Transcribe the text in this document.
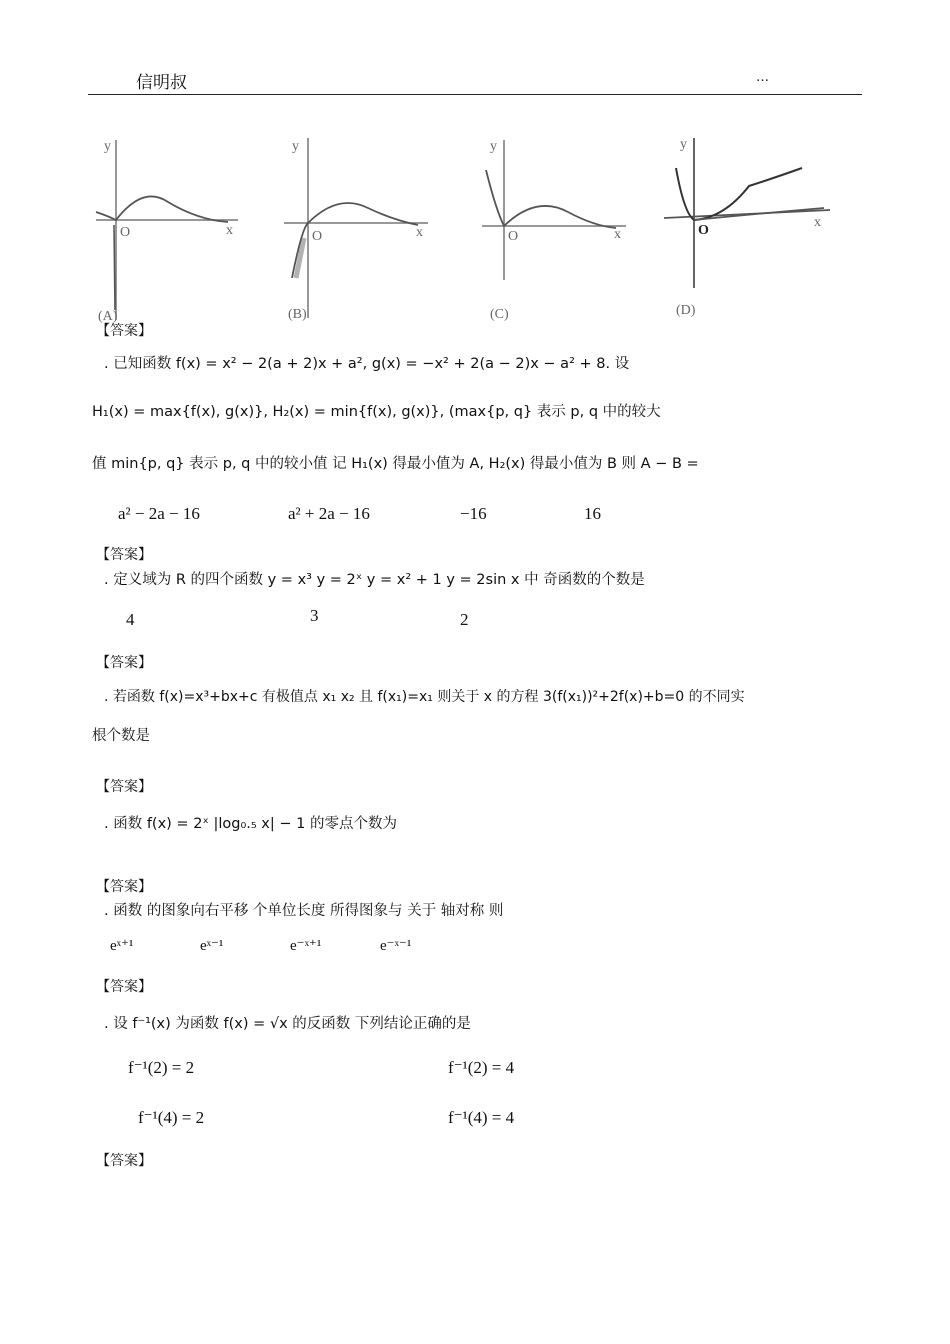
信明叔	…
y
O	x
(A)
y
O	x
(B)
y
O	x
(C)
y
O
x
(D)
【答案】
. 已知函数 f(x) = x² − 2(a + 2)x + a², g(x) = −x² + 2(a − 2)x − a² + 8. 设
H₁(x) = max{f(x), g(x)}, H₂(x) = min{f(x), g(x)}, (max{p, q} 表示 p, q 中的较大
值 min{p, q} 表示 p, q 中的较小值 记 H₁(x) 得最小值为 A, H₂(x) 得最小值为 B 则 A − B =
a² − 2a − 16	a² + 2a − 16	−16	16
【答案】
. 定义域为 R 的四个函数 y = x³ y = 2ˣ y = x² + 1 y = 2sin x 中 奇函数的个数是
4	3	2
【答案】
. 若函数 f(x)=x³+bx+c 有极值点 x₁ x₂ 且 f(x₁)=x₁ 则关于 x 的方程 3(f(x₁))²+2f(x)+b=0 的不同实
根个数是
【答案】
. 函数 f(x) = 2ˣ |log₀.₅ x| − 1 的零点个数为
【答案】
. 函数 的图象向右平移 个单位长度 所得图象与 关于 轴对称 则
eˣ⁺¹	eˣ⁻¹	e⁻ˣ⁺¹	e⁻ˣ⁻¹
【答案】
. 设 f⁻¹(x) 为函数 f(x) = √x 的反函数 下列结论正确的是
f⁻¹(2) = 2	f⁻¹(2) = 4
f⁻¹(4) = 2	f⁻¹(4) = 4
【答案】
